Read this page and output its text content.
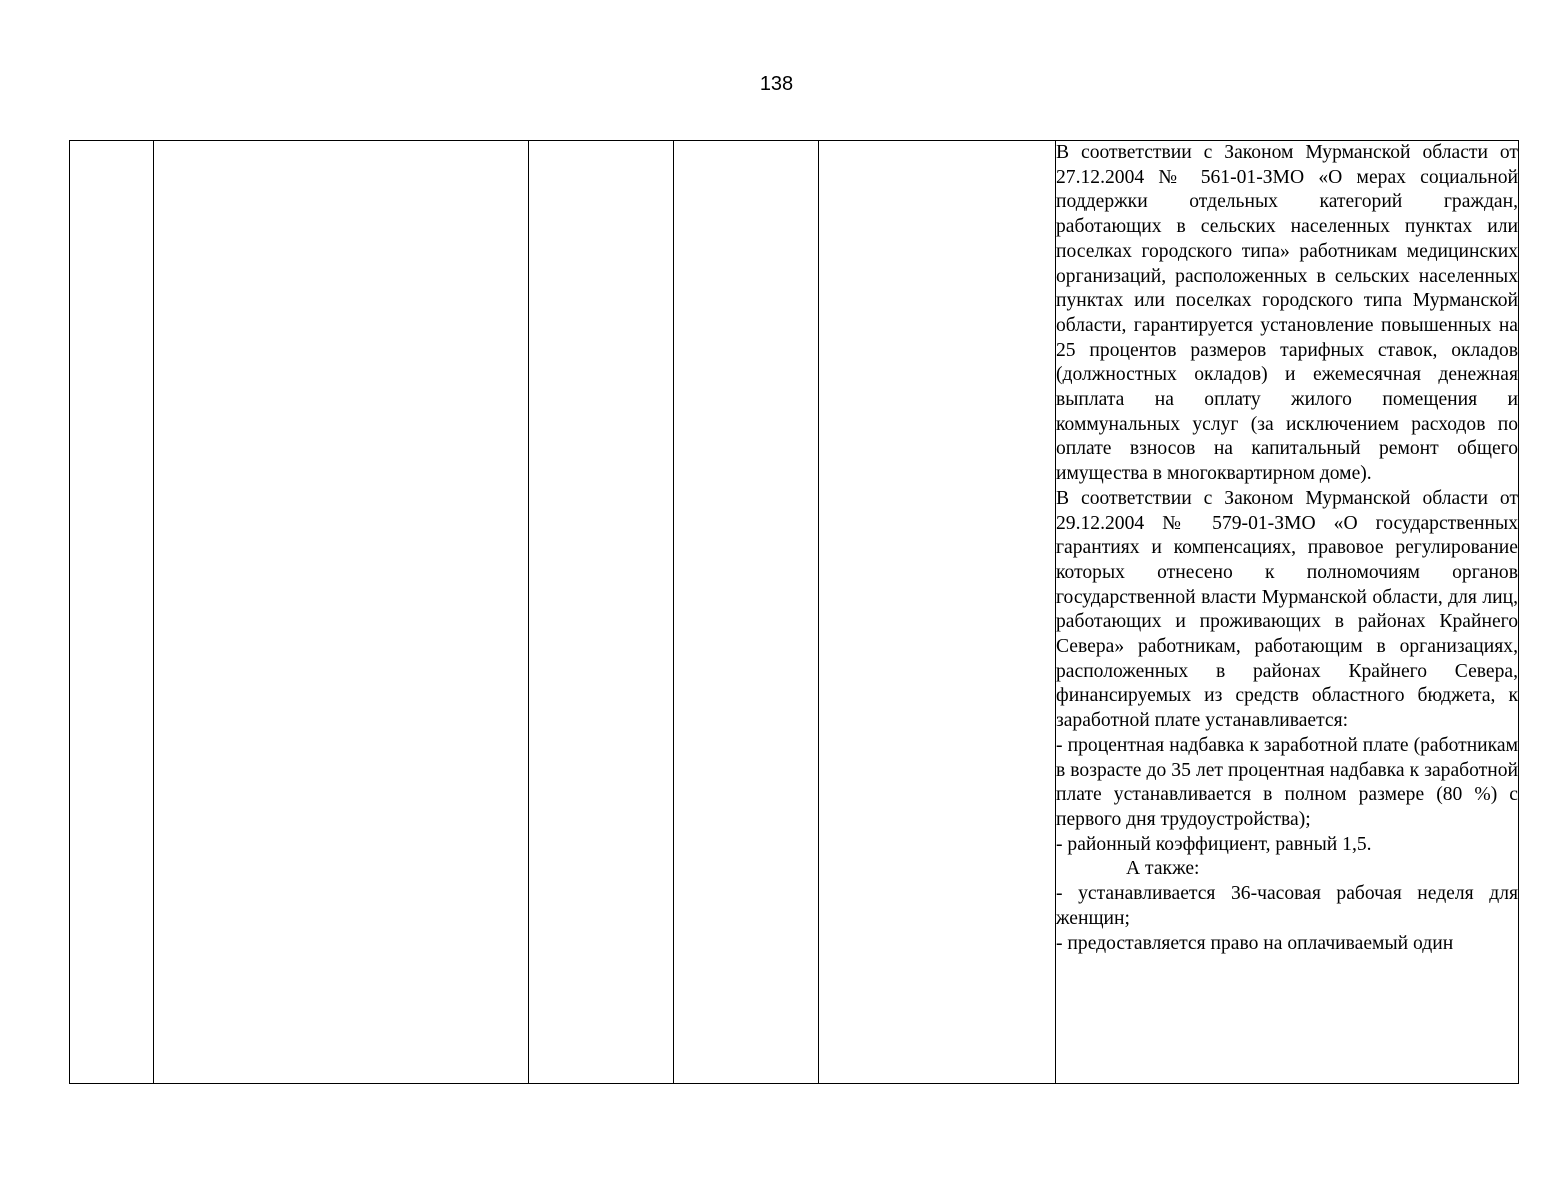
138

В соответствии с Законом Мурманской области от 27.12.2004 № 561-01-ЗМО «О мерах социальной поддержки отдельных категорий граждан, работающих в сельских населенных пунктах или поселках городского типа» работникам медицинских организаций, расположенных в сельских населенных пунктах или поселках городского типа Мурманской области, гарантируется установление повышенных на 25 процентов размеров тарифных ставок, окладов (должностных окладов) и ежемесячная денежная выплата на оплату жилого помещения и коммунальных услуг (за исключением расходов по оплате взносов на капитальный ремонт общего имущества в многоквартирном доме).

В соответствии с Законом Мурманской области от 29.12.2004 № 579-01-ЗМО «О государственных гарантиях и компенсациях, правовое регулирование которых отнесено к полномочиям органов государственной власти Мурманской области, для лиц, работающих и проживающих в районах Крайнего Севера» работникам, работающим в организациях, расположенных в районах Крайнего Севера, финансируемых из средств областного бюджета, к заработной плате устанавливается:

- процентная надбавка к заработной плате (работникам в возрасте до 35 лет процентная надбавка к заработной плате устанавливается в полном размере (80 %) с первого дня трудоустройства);

- районный коэффициент, равный 1,5.

А также:

- устанавливается 36-часовая рабочая неделя для женщин;

- предоставляется право на оплачиваемый один
